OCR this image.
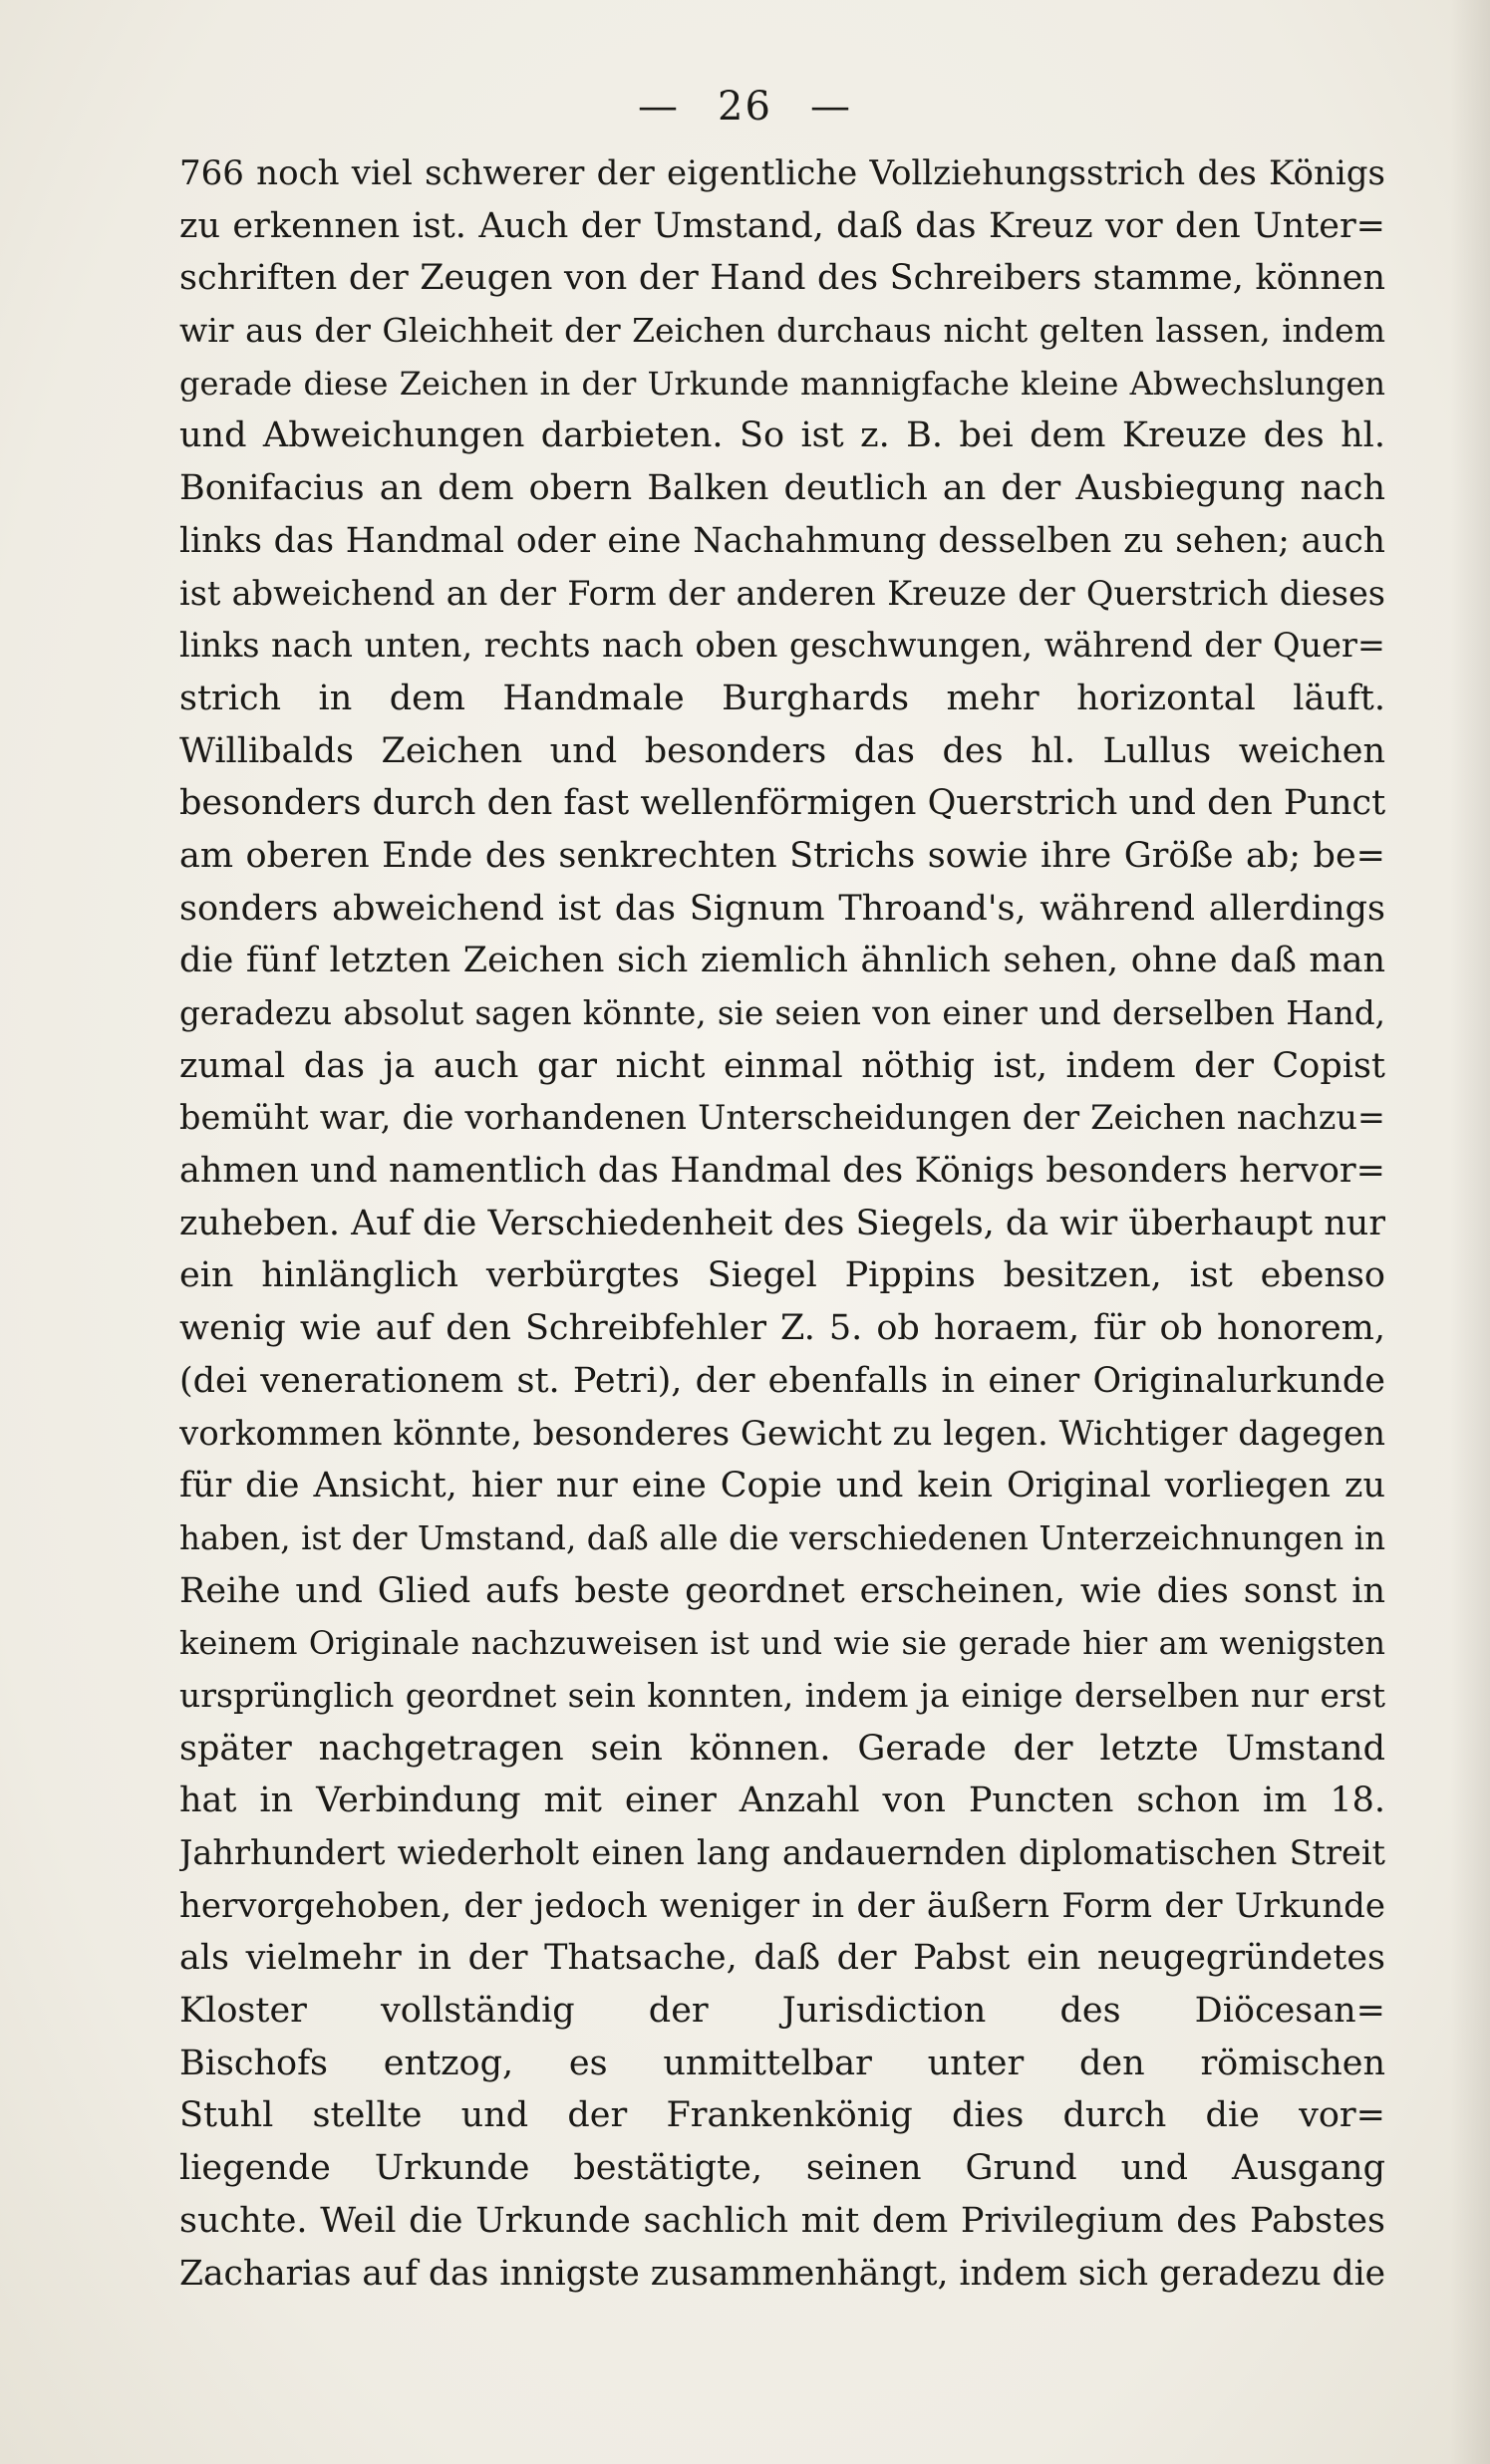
— 26 —
766 noch viel schwerer der eigentliche Vollziehungsstrich des Königs
zu erkennen ist. Auch der Umstand, daß das Kreuz vor den Unter=
schriften der Zeugen von der Hand des Schreibers stamme, können
wir aus der Gleichheit der Zeichen durchaus nicht gelten lassen, indem
gerade diese Zeichen in der Urkunde mannigfache kleine Abwechslungen
und Abweichungen darbieten. So ist z. B. bei dem Kreuze des hl.
Bonifacius an dem obern Balken deutlich an der Ausbiegung nach
links das Handmal oder eine Nachahmung desselben zu sehen; auch
ist abweichend an der Form der anderen Kreuze der Querstrich dieses
links nach unten, rechts nach oben geschwungen, während der Quer=
strich in dem Handmale Burghards mehr horizontal läuft.
Willibalds Zeichen und besonders das des hl. Lullus weichen
besonders durch den fast wellenförmigen Querstrich und den Punct
am oberen Ende des senkrechten Strichs sowie ihre Größe ab; be=
sonders abweichend ist das Signum Throand's, während allerdings
die fünf letzten Zeichen sich ziemlich ähnlich sehen, ohne daß man
geradezu absolut sagen könnte, sie seien von einer und derselben Hand,
zumal das ja auch gar nicht einmal nöthig ist, indem der Copist
bemüht war, die vorhandenen Unterscheidungen der Zeichen nachzu=
ahmen und namentlich das Handmal des Königs besonders hervor=
zuheben. Auf die Verschiedenheit des Siegels, da wir überhaupt nur
ein hinlänglich verbürgtes Siegel Pippins besitzen, ist ebenso
wenig wie auf den Schreibfehler Z. 5. ob horaem, für ob honorem,
(dei venerationem st. Petri), der ebenfalls in einer Originalurkunde
vorkommen könnte, besonderes Gewicht zu legen. Wichtiger dagegen
für die Ansicht, hier nur eine Copie und kein Original vorliegen zu
haben, ist der Umstand, daß alle die verschiedenen Unterzeichnungen in
Reihe und Glied aufs beste geordnet erscheinen, wie dies sonst in
keinem Originale nachzuweisen ist und wie sie gerade hier am wenigsten
ursprünglich geordnet sein konnten, indem ja einige derselben nur erst
später nachgetragen sein können. Gerade der letzte Umstand
hat in Verbindung mit einer Anzahl von Puncten schon im 18.
Jahrhundert wiederholt einen lang andauernden diplomatischen Streit
hervorgehoben, der jedoch weniger in der äußern Form der Urkunde
als vielmehr in der Thatsache, daß der Pabst ein neugegründetes
Kloster vollständig der Jurisdiction des Diöcesan=
Bischofs entzog, es unmittelbar unter den römischen
Stuhl stellte und der Frankenkönig dies durch die vor=
liegende Urkunde bestätigte, seinen Grund und Ausgang
suchte. Weil die Urkunde sachlich mit dem Privilegium des Pabstes
Zacharias auf das innigste zusammenhängt, indem sich geradezu die
